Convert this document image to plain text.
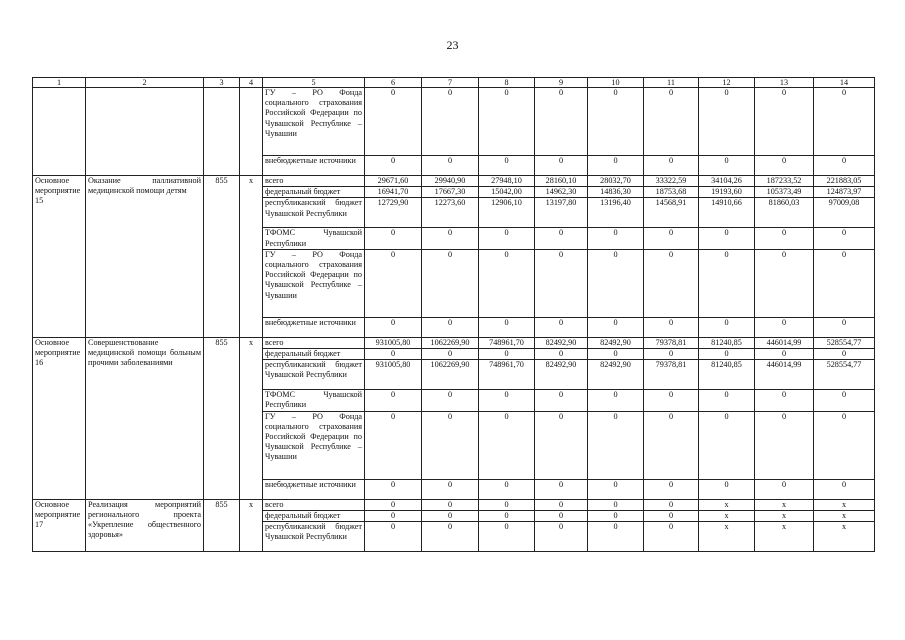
23
1	2	3	4	5	6	7	8	9	10	11	12	13	14
				ГУ – РО Фонда социального страхования Российской Федерации по Чувашской Республике – Чувашии	0	0	0	0	0	0	0	0	0
				внебюджетные источники	0	0	0	0	0	0	0	0	0
Основное мероприятие 15	Оказание паллиативной медицинской помощи детям	855	x	всего	29671,60	29940,90	27948,10	28160,10	28032,70	33322,59	34104,26	187233,52	221883,05
				федеральный бюджет	16941,70	17667,30	15042,00	14962,30	14836,30	18753,68	19193,60	105373,49	124873,97
				республиканский бюджет Чувашской Республики	12729,90	12273,60	12906,10	13197,80	13196,40	14568,91	14910,66	81860,03	97009,08
				ТФОМС Чувашской Республики	0	0	0	0	0	0	0	0	0
				ГУ – РО Фонда социального страхования Российской Федерации по Чувашской Республике – Чувашии	0	0	0	0	0	0	0	0	0
				внебюджетные источники	0	0	0	0	0	0	0	0	0
Основное мероприятие 16	Совершенствование медицинской помощи больным прочими заболеваниями	855	x	всего	931005,80	1062269,90	748961,70	82492,90	82492,90	79378,81	81240,85	446014,99	528554,77
				федеральный бюджет	0	0	0	0	0	0	0	0	0
				республиканский бюджет Чувашской Республики	931005,80	1062269,90	748961,70	82492,90	82492,90	79378,81	81240,85	446014,99	528554,77
				ТФОМС Чувашской Республики	0	0	0	0	0	0	0	0	0
				ГУ – РО Фонда социального страхования Российской Федерации по Чувашской Республике – Чувашии	0	0	0	0	0	0	0	0	0
				внебюджетные источники	0	0	0	0	0	0	0	0	0
Основное мероприятие 17	Реализация мероприятий регионального проекта «Укрепление общественного здоровья»	855	x	всего	0	0	0	0	0	0	x	x	x
				федеральный бюджет	0	0	0	0	0	0	x	x	x
				республиканский бюджет Чувашской Республики	0	0	0	0	0	0	x	x	x
